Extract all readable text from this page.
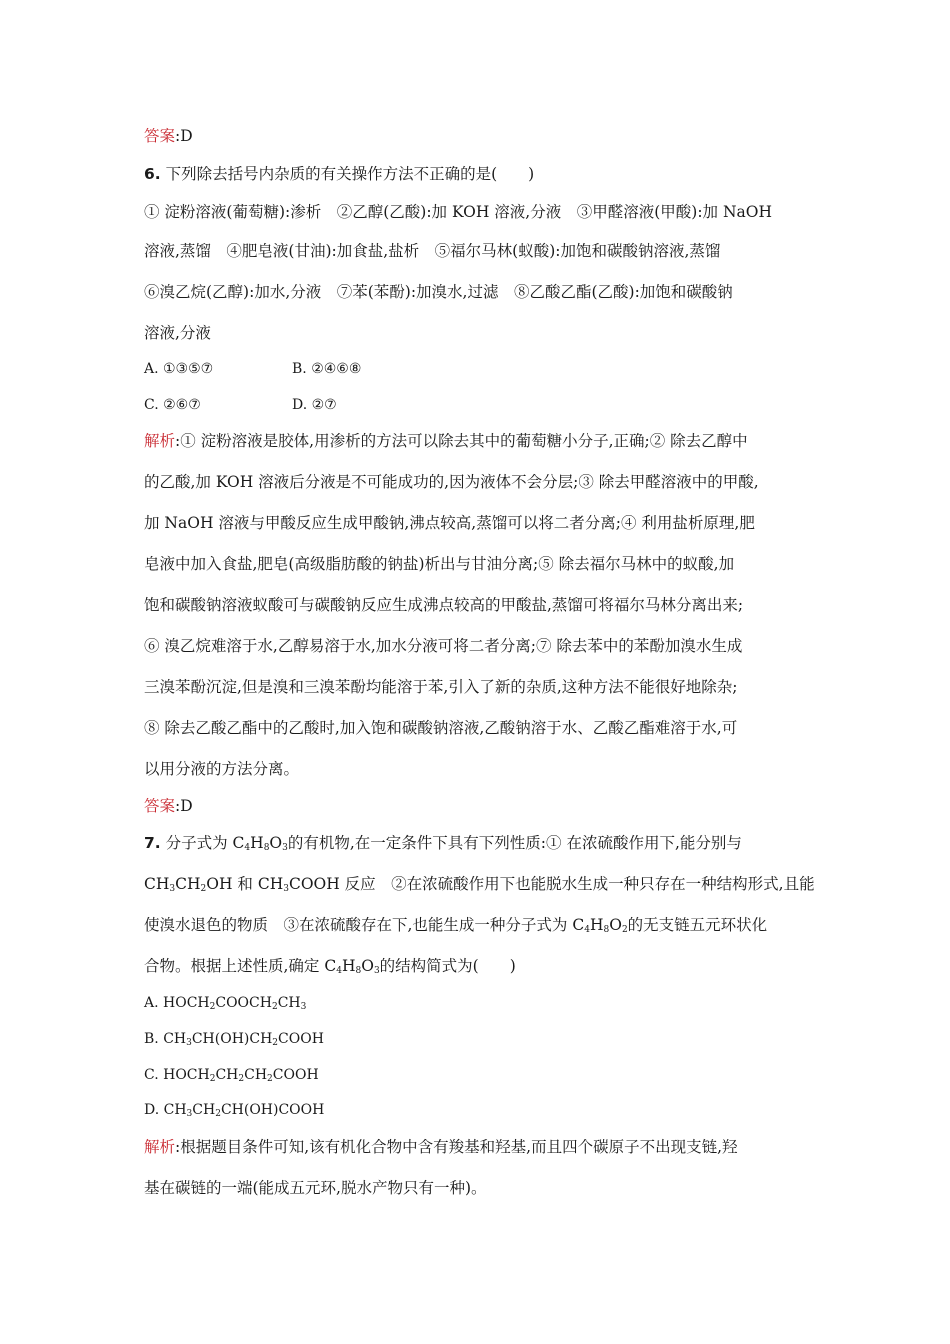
答案:D
6. 下列除去括号内杂质的有关操作方法不正确的是(　　)
① 淀粉溶液(葡萄糖):渗析　②乙醇(乙酸):加 KOH 溶液,分液　③甲醛溶液(甲酸):加 NaOH
溶液,蒸馏　④肥皂液(甘油):加食盐,盐析　⑤福尔马林(蚁酸):加饱和碳酸钠溶液,蒸馏
⑥溴乙烷(乙醇):加水,分液　⑦苯(苯酚):加溴水,过滤　⑧乙酸乙酯(乙酸):加饱和碳酸钠
溶液,分液
A. ①③⑤⑦	B. ②④⑥⑧
C. ②⑥⑦	D. ②⑦
解析:① 淀粉溶液是胶体,用渗析的方法可以除去其中的葡萄糖小分子,正确;② 除去乙醇中
的乙酸,加 KOH 溶液后分液是不可能成功的,因为液体不会分层;③ 除去甲醛溶液中的甲酸,
加 NaOH 溶液与甲酸反应生成甲酸钠,沸点较高,蒸馏可以将二者分离;④ 利用盐析原理,肥
皂液中加入食盐,肥皂(高级脂肪酸的钠盐)析出与甘油分离;⑤ 除去福尔马林中的蚁酸,加
饱和碳酸钠溶液蚁酸可与碳酸钠反应生成沸点较高的甲酸盐,蒸馏可将福尔马林分离出来;
⑥ 溴乙烷难溶于水,乙醇易溶于水,加水分液可将二者分离;⑦ 除去苯中的苯酚加溴水生成
三溴苯酚沉淀,但是溴和三溴苯酚均能溶于苯,引入了新的杂质,这种方法不能很好地除杂;
⑧ 除去乙酸乙酯中的乙酸时,加入饱和碳酸钠溶液,乙酸钠溶于水、乙酸乙酯难溶于水,可
以用分液的方法分离。
答案:D
7. 分子式为 $C_4H_8O_3$的有机物,在一定条件下具有下列性质:① 在浓硫酸作用下,能分别与
$CH_3CH_2OH$ 和 $CH_3COOH$ 反应　②在浓硫酸作用下也能脱水生成一种只存在一种结构形式,且能
使溴水退色的物质　③在浓硫酸存在下,也能生成一种分子式为 $C_4H_8O_2$的无支链五元环状化
合物。根据上述性质,确定 $C_4H_8O_3$的结构简式为(　　)
A. $HOCH_2COOCH_2CH_3$
B. $CH_3CH(OH)CH_2COOH$
C. $HOCH_2CH_2CH_2COOH$
D. $CH_3CH_2CH(OH)COOH$
解析:根据题目条件可知,该有机化合物中含有羧基和羟基,而且四个碳原子不出现支链,羟
基在碳链的一端(能成五元环,脱水产物只有一种)。
